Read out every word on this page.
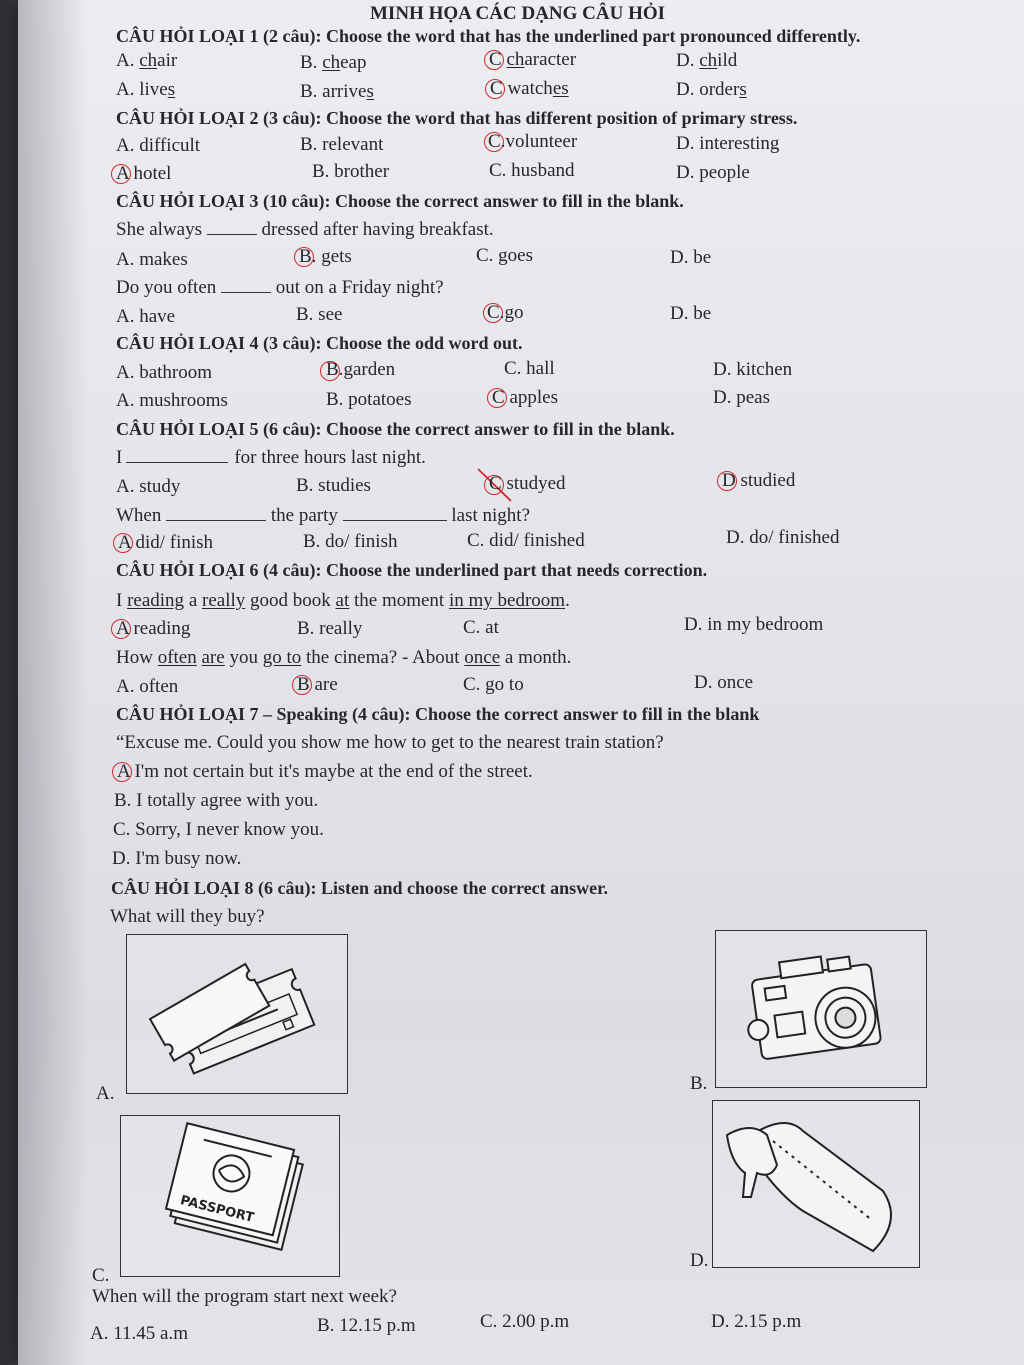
MINH HỌA CÁC DẠNG CÂU HỎI
CÂU HỎI LOẠI 1 (2 câu): Choose the word that has the underlined part pronounced differently.
A. chair	B. cheap	C character	D. child
A. lives	B. arrives	C watches	D. orders
CÂU HỎI LOẠI 2 (3 câu): Choose the word that has different position of primary stress.
A. difficult	B. relevant	C.volunteer	D. interesting
A hotel	B. brother	C. husband	D. people
CÂU HỎI LOẠI 3 (10 câu): Choose the correct answer to fill in the blank.
She always	dressed after having breakfast.
A. makes	B. gets	C. goes	D. be
Do you often	out on a Friday night?
A. have	B. see	C.go	D. be
CÂU HỎI LOẠI 4 (3 câu): Choose the odd word out.
A. bathroom	B.garden	C. hall	D. kitchen
A. mushrooms	B. potatoes	C apples	D. peas
CÂU HỎI LOẠI 5 (6 câu): Choose the correct answer to fill in the blank.
I	for three hours last night.
A. study	B. studies	C studyed	D studied
When	the party	last night?
A did/ finish	B. do/ finish	C. did/ finished	D. do/ finished
CÂU HỎI LOẠI 6 (4 câu): Choose the underlined part that needs correction.
I reading a really good book at the moment in my bedroom.
A reading	B. really	C. at	D. in my bedroom
How often are you go to the cinema? - About once a month.
A. often	B are	C. go to	D. once
CÂU HỎI LOẠI 7 – Speaking (4 câu): Choose the correct answer to fill in the blank
“Excuse me. Could you show me how to get to the nearest train station?
A I'm not certain but it's maybe at the end of the street.
B. I totally agree with you.
C. Sorry, I never know you.
D. I'm busy now.
CÂU HỎI LOẠI 8 (6 câu): Listen and choose the correct answer.
What will they buy?
A.	B.
PASSPORT
C.
D.
When will the program start next week?
A. 11.45 a.m	B. 12.15 p.m	C. 2.00 p.m	D. 2.15 p.m
